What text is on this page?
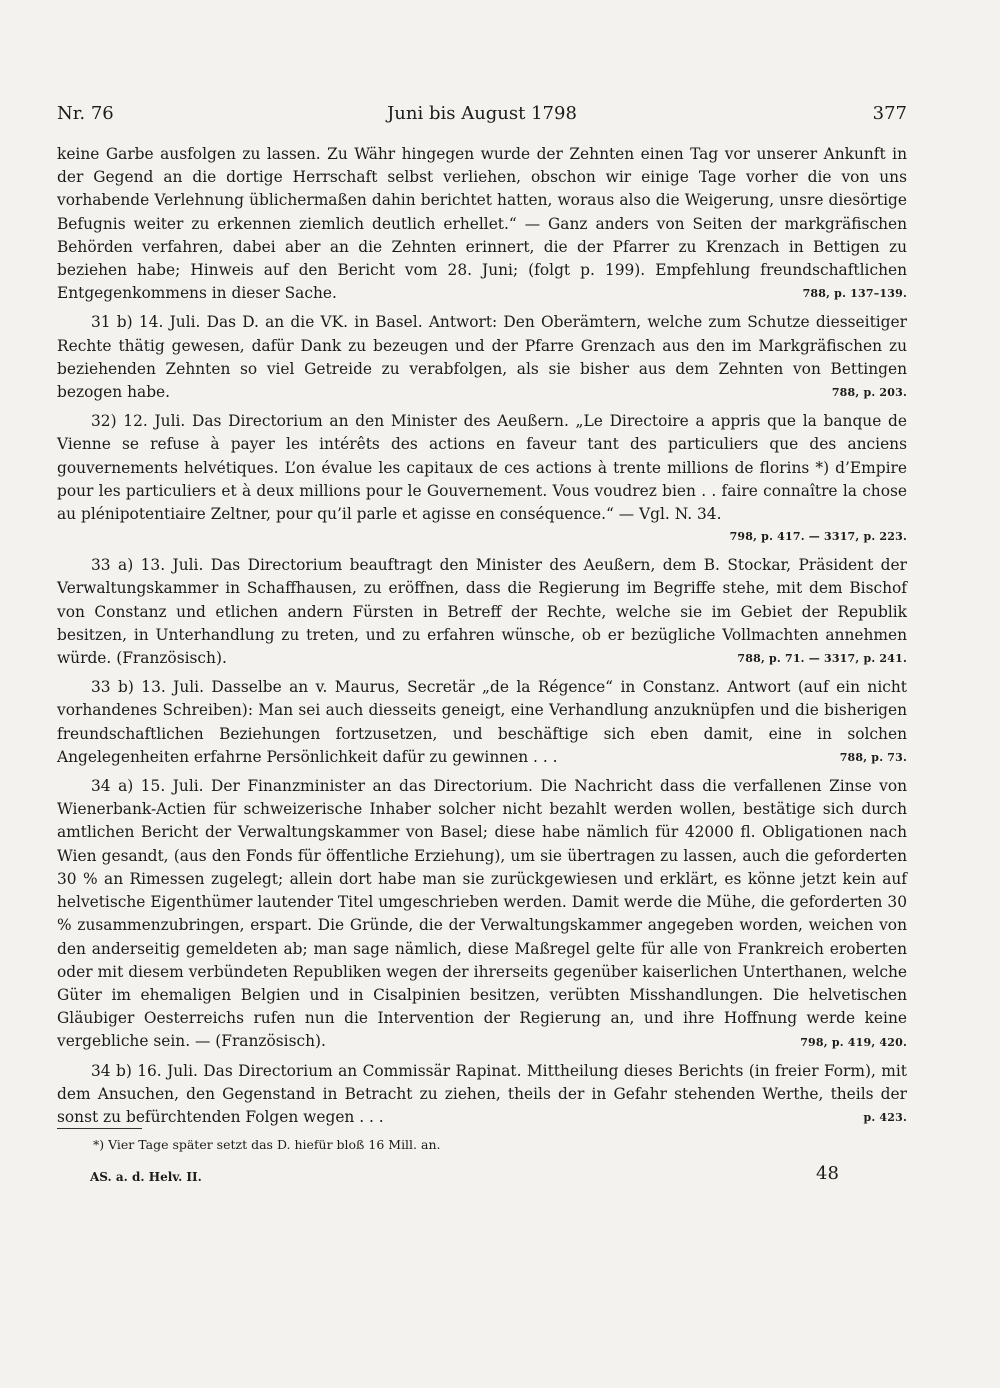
Nr. 76	Juni bis August 1798	377
keine Garbe ausfolgen zu lassen. Zu Währ hingegen wurde der Zehnten einen Tag vor unserer Ankunft in der Gegend an die dortige Herrschaft selbst verliehen, obschon wir einige Tage vorher die von uns vorhabende Verlehnung üblichermaßen dahin berichtet hatten, woraus also die Weigerung, unsre diesörtige Befugnis weiter zu erkennen ziemlich deutlich erhellet.“ — Ganz anders von Seiten der markgräfischen Behörden verfahren, dabei aber an die Zehnten erinnert, die der Pfarrer zu Krenzach in Bettigen zu beziehen habe; Hinweis auf den Bericht vom 28. Juni; (folgt p. 199). Empfehlung freundschaftlichen Entgegenkommens in dieser Sache.	788, p. 137–139.
31 b) 14. Juli. Das D. an die VK. in Basel. Antwort: Den Oberämtern, welche zum Schutze diesseitiger Rechte thätig gewesen, dafür Dank zu bezeugen und der Pfarre Grenzach aus den im Markgräfischen zu beziehenden Zehnten so viel Getreide zu verabfolgen, als sie bisher aus dem Zehnten von Bettingen bezogen habe.	788, p. 203.
32) 12. Juli. Das Directorium an den Minister des Aeußern. „Le Directoire a appris que la banque de Vienne se refuse à payer les intérêts des actions en faveur tant des particuliers que des anciens gouvernements helvétiques. L’on évalue les capitaux de ces actions à trente millions de florins *) d’Empire pour les particuliers et à deux millions pour le Gouvernement. Vous voudrez bien . . faire connaître la chose au plénipotentiaire Zeltner, pour qu’il parle et agisse en conséquence.“ — Vgl. N. 34.
798, p. 417. — 3317, p. 223.
33 a) 13. Juli. Das Directorium beauftragt den Minister des Aeußern, dem B. Stockar, Präsident der Verwaltungskammer in Schaffhausen, zu eröffnen, dass die Regierung im Begriffe stehe, mit dem Bischof von Constanz und etlichen andern Fürsten in Betreff der Rechte, welche sie im Gebiet der Republik besitzen, in Unterhandlung zu treten, und zu erfahren wünsche, ob er bezügliche Vollmachten annehmen würde. (Französisch).	788, p. 71. — 3317, p. 241.
33 b) 13. Juli. Dasselbe an v. Maurus, Secretär „de la Régence“ in Constanz. Antwort (auf ein nicht vorhandenes Schreiben): Man sei auch diesseits geneigt, eine Verhandlung anzuknüpfen und die bisherigen freundschaftlichen Beziehungen fortzusetzen, und beschäftige sich eben damit, eine in solchen Angelegenheiten erfahrne Persönlichkeit dafür zu gewinnen . . .	788, p. 73.
34 a) 15. Juli. Der Finanzminister an das Directorium. Die Nachricht dass die verfallenen Zinse von Wienerbank-Actien für schweizerische Inhaber solcher nicht bezahlt werden wollen, bestätige sich durch amtlichen Bericht der Verwaltungskammer von Basel; diese habe nämlich für 42000 fl. Obligationen nach Wien gesandt, (aus den Fonds für öffentliche Erziehung), um sie übertragen zu lassen, auch die geforderten 30 % an Rimessen zugelegt; allein dort habe man sie zurückgewiesen und erklärt, es könne jetzt kein auf helvetische Eigenthümer lautender Titel umgeschrieben werden. Damit werde die Mühe, die geforderten 30 % zusammenzubringen, erspart. Die Gründe, die der Verwaltungskammer angegeben worden, weichen von den anderseitig gemeldeten ab; man sage nämlich, diese Maßregel gelte für alle von Frankreich eroberten oder mit diesem verbündeten Republiken wegen der ihrerseits gegenüber kaiserlichen Unterthanen, welche Güter im ehemaligen Belgien und in Cisalpinien besitzen, verübten Misshandlungen. Die helvetischen Gläubiger Oesterreichs rufen nun die Intervention der Regierung an, und ihre Hoffnung werde keine vergebliche sein. — (Französisch).	798, p. 419, 420.
34 b) 16. Juli. Das Directorium an Commissär Rapinat. Mittheilung dieses Berichts (in freier Form), mit dem Ansuchen, den Gegenstand in Betracht zu ziehen, theils der in Gefahr stehenden Werthe, theils der sonst zu befürchtenden Folgen wegen . . .	p. 423.
*) Vier Tage später setzt das D. hiefür bloß 16 Mill. an.
AS. a. d. Helv. II.	48
